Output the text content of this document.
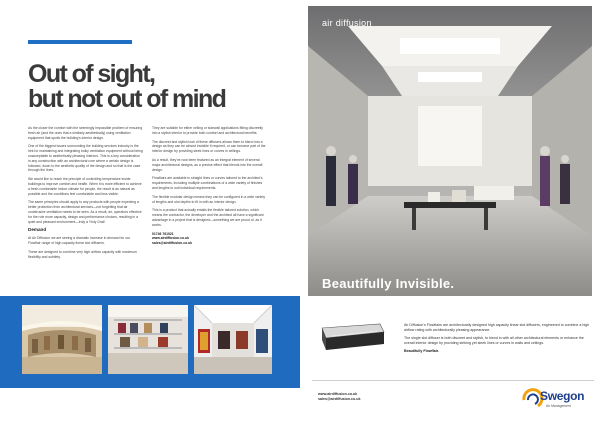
Out of sight,
but not out of mind

As the closer the comfort with the seemingly impossible problem of ensuring fresh air (and the ones that a similarly aesthetically) using ventilation equipment that spoils the building's interior design.

One of the biggest issues surrounding the building services industry is the hint for maintaining and integrating bulky ventilation equipment without being unacceptable to aesthetically pleasing interiors. This is a key consideration in any construction with an architectural core where a certain design is followed, down to the aesthetic quality of the design and so that is the case through the lines.

We would like to reach the principle of controlling temperature inside buildings to improve comfort and health. When it is more efficient to achieve a fresh comfortable indoor climate for people, the result is as natural as possible and the conditions feel comfortable and less visible.

The same principles should apply to any products with people expecting a better protection from architectural services—not forgetting that air unobtrusive ventilation needs to be seen. As a result, air, operators effective for the role more capacity, design and performance choices, resulting in a quiet and pleasant environment—truly a 'Holy Grail'.

Demand

At Air Diffusion we are seeing a dramatic increase in demand for our Flowflair range of high capacity linear slot diffusers.

These are designed to combine very high airflow capacity with maximum flexibility and subtlety.

They are suitable for either ceiling or sidewall applications fitting discreetly into a stylish interior to provide both comfort and architectural benefits.

The discreet and stylish look of these diffusers allows them to blend into a design as they can be almost invisible if required, or can become part of the interior design by providing sleek lines or curves in ceilings.

As a result, they've now been featured as an integral element of several major architectural designs, as a precise effect that blends into the overall design.

Flowflairs are available in straight lines or curves tailored to the architect's requirements, including multiple combinations of a wide variety of finishes and lengths to suit individual requirements.

The flexible modular design means they can be configured in a wide variety of lengths and slot depths to fit in with an interior design.

This is a product that actually entails the flexible tailored solution, which means the contractor, the developer and the architect all have a significant advantage in a project that is designed—something we are proud of, as it works.

01746 761921

www.airdiffusion.co.uk

sales@airdiffusion.co.uk

air diffusion
Beautifully Invisible.

Air Diffusion's Flowflairs are architecturally designed high capacity linear slot diffusers, engineered to combine a high airflow rating with architecturally pleasing appearance.

The single slot diffuser is both discreet and stylish, to blend in with all other architectural elements or enhance the overall interior design by providing striking yet sleek lines or curves in walls and ceilings.

Beautifully Flowflair.

www.airdiffusion.co.uk
sales@airdiffusion.co.uk	Swegon
Air Management
